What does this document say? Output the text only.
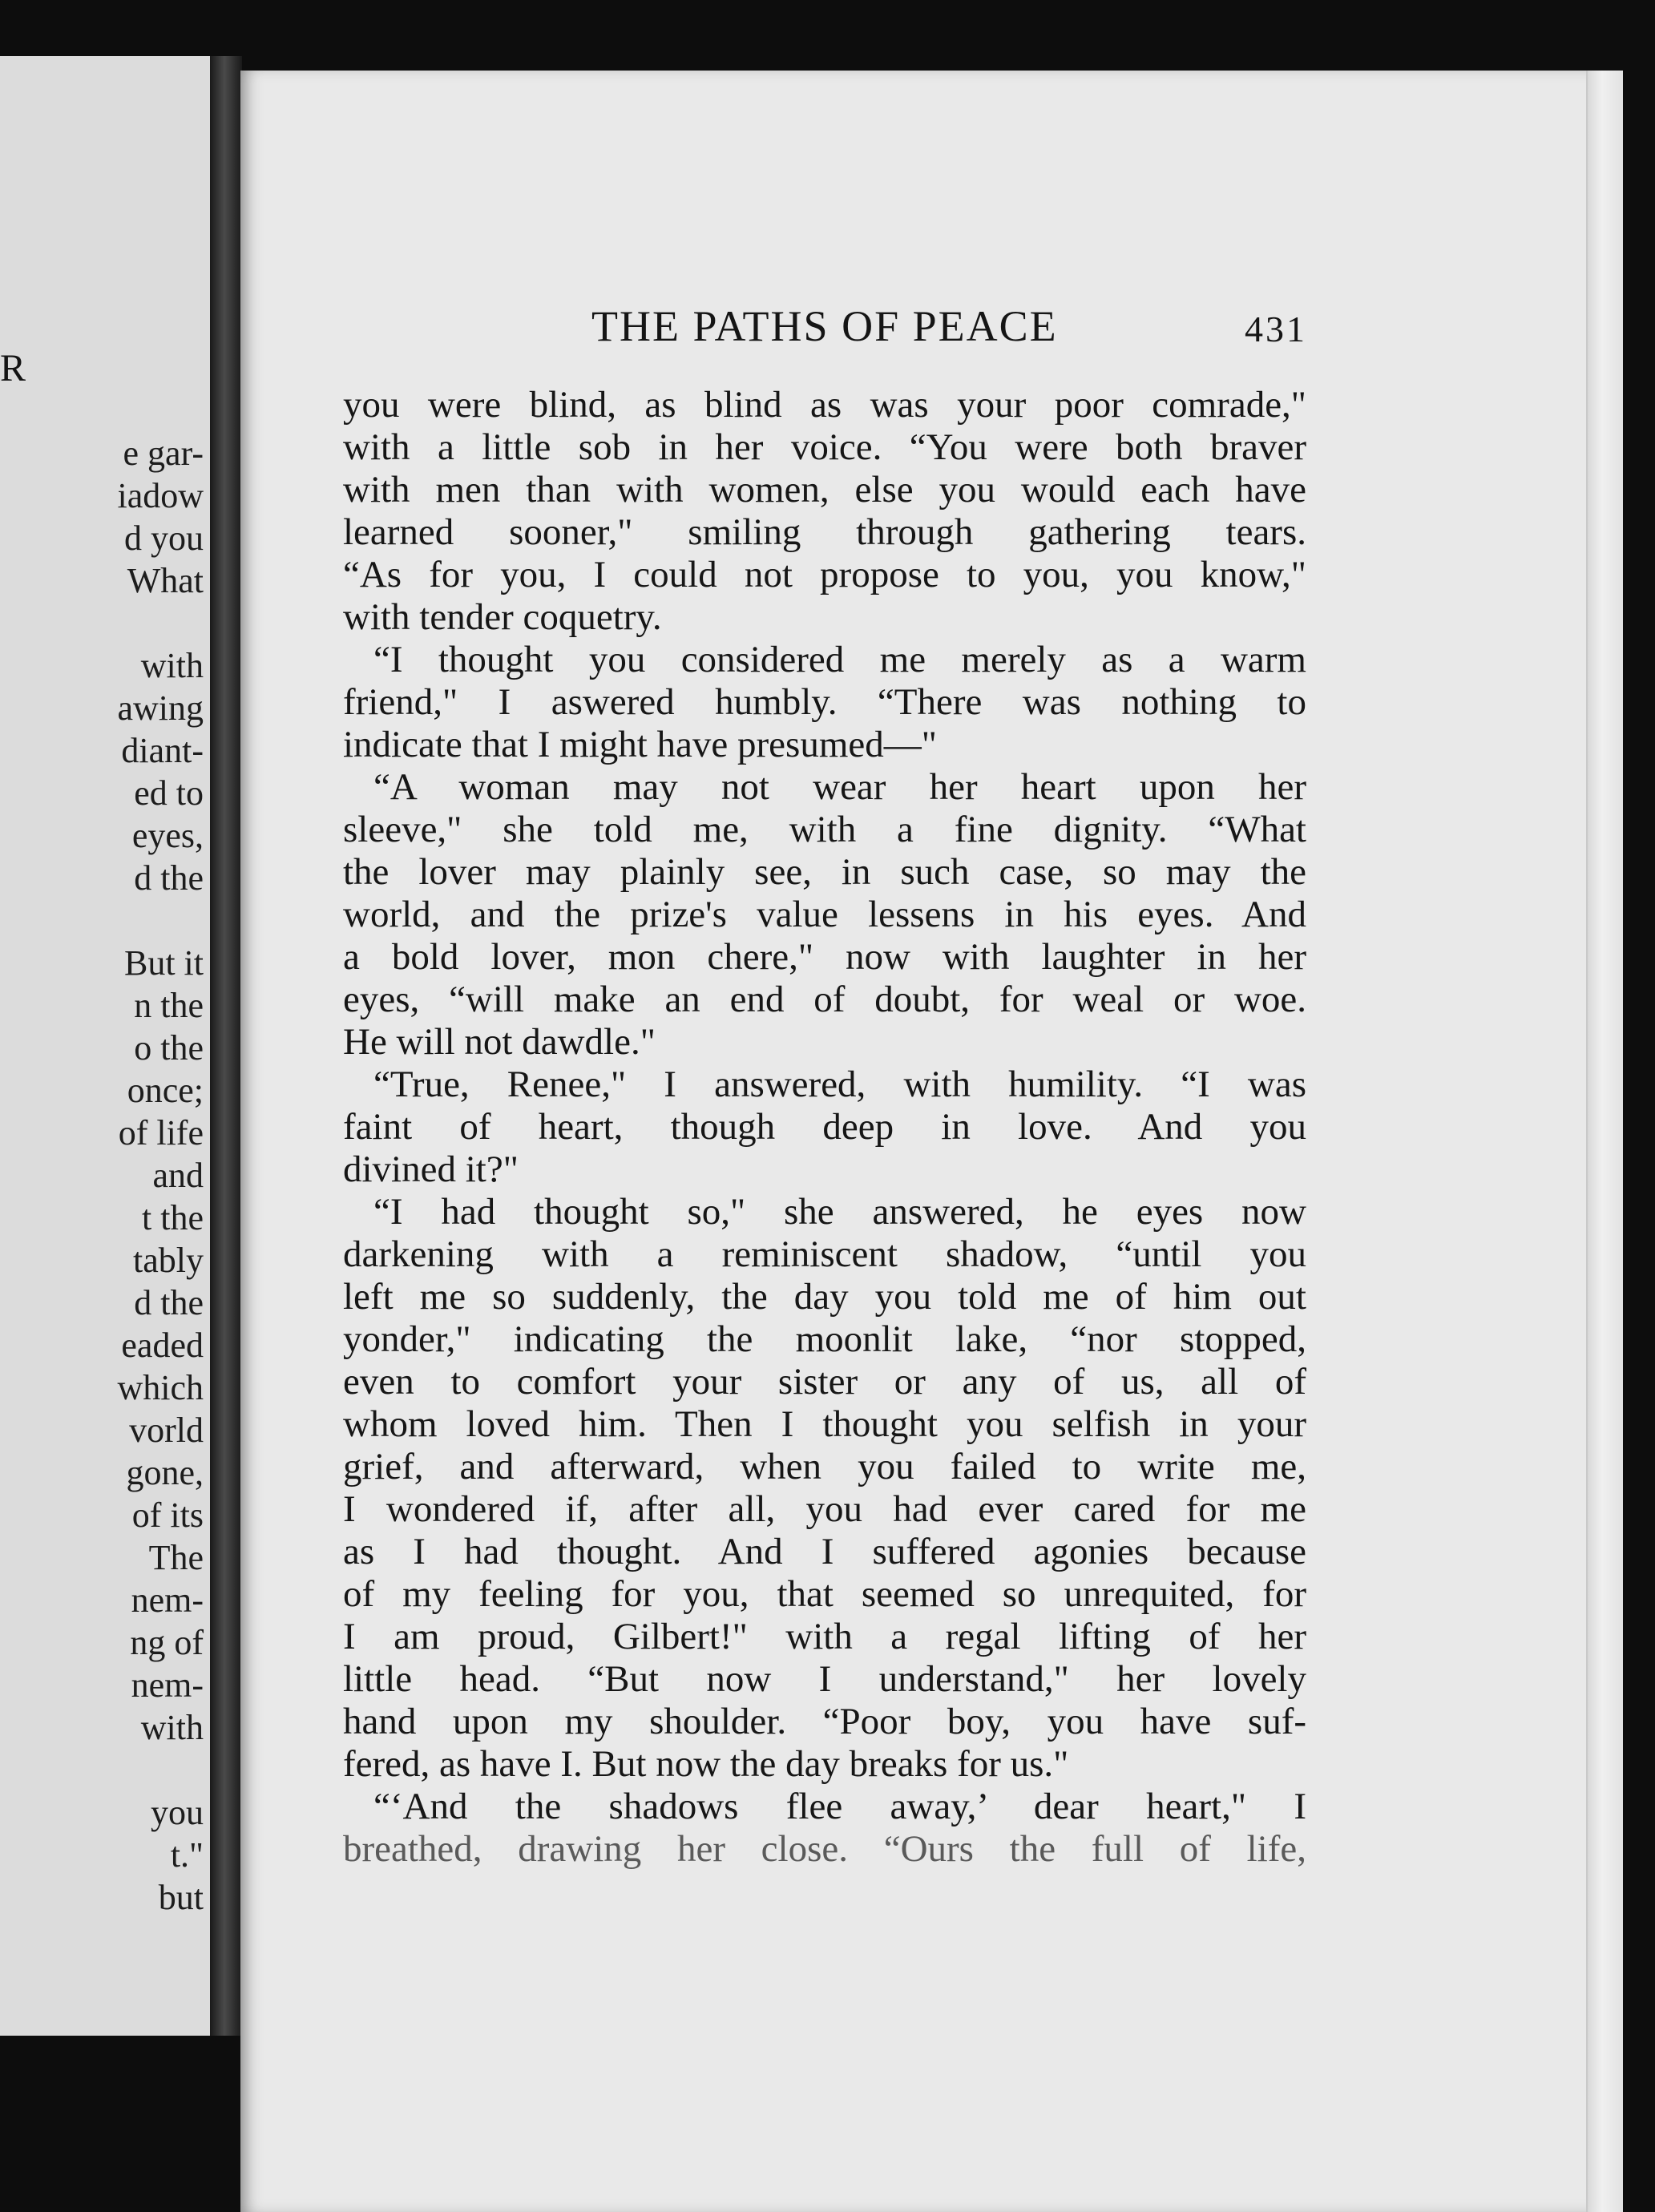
R
e gar-
iadow
d you
What
with
awing
diant-
ed to
eyes,
d the
But it
n the
o the
once;
of life
and
t the
tably
d the
eaded
which
vorld
gone,
of its
The
nem-
ng of
nem-
with
you
t."
but
THE PATHS OF PEACE	431
you were blind, as blind as was your poor comrade,"
with a little sob in her voice. “You were both braver
with men than with women, else you would each have
learned sooner," smiling through gathering tears.
“As for you, I could not propose to you, you know,"
with tender coquetry.
“I thought you considered me merely as a warm
friend," I aswered humbly. “There was nothing to
indicate that I might have presumed—"
“A woman may not wear her heart upon her
sleeve," she told me, with a fine dignity. “What
the lover may plainly see, in such case, so may the
world, and the prize's value lessens in his eyes. And
a bold lover, mon chere," now with laughter in her
eyes, “will make an end of doubt, for weal or woe.
He will not dawdle."
“True, Renee," I answered, with humility. “I was
faint of heart, though deep in love. And you
divined it?"
“I had thought so," she answered, he eyes now
darkening with a reminiscent shadow, “until you
left me so suddenly, the day you told me of him out
yonder," indicating the moonlit lake, “nor stopped,
even to comfort your sister or any of us, all of
whom loved him. Then I thought you selfish in your
grief, and afterward, when you failed to write me,
I wondered if, after all, you had ever cared for me
as I had thought. And I suffered agonies because
of my feeling for you, that seemed so unrequited, for
I am proud, Gilbert!" with a regal lifting of her
little head. “But now I understand," her lovely
hand upon my shoulder. “Poor boy, you have suf-
fered, as have I. But now the day breaks for us."
“‘And the shadows flee away,’ dear heart," I
breathed, drawing her close. “Ours the full of life,
